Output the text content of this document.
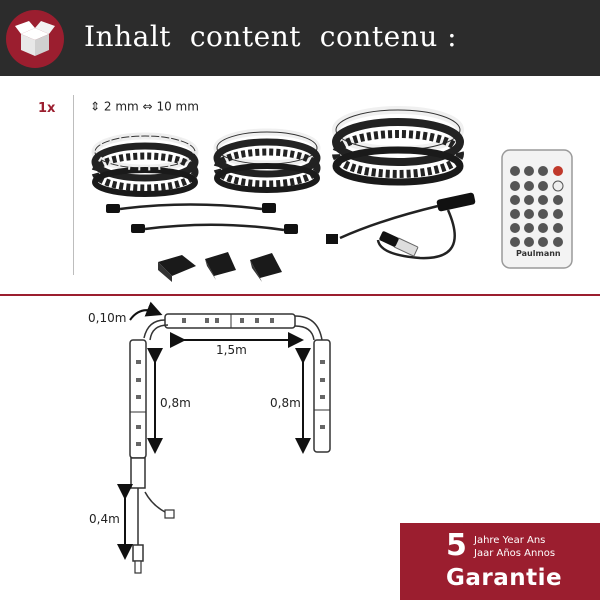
Inhalt  content  contenu :
1x	⇕ 2 mm ⇔ 10 mm
Paulmann
0,10m
1,5m
0,8m	0,8m
0,4m
5 Jahre Year Ans
Jaar Años Annos
Garantie
